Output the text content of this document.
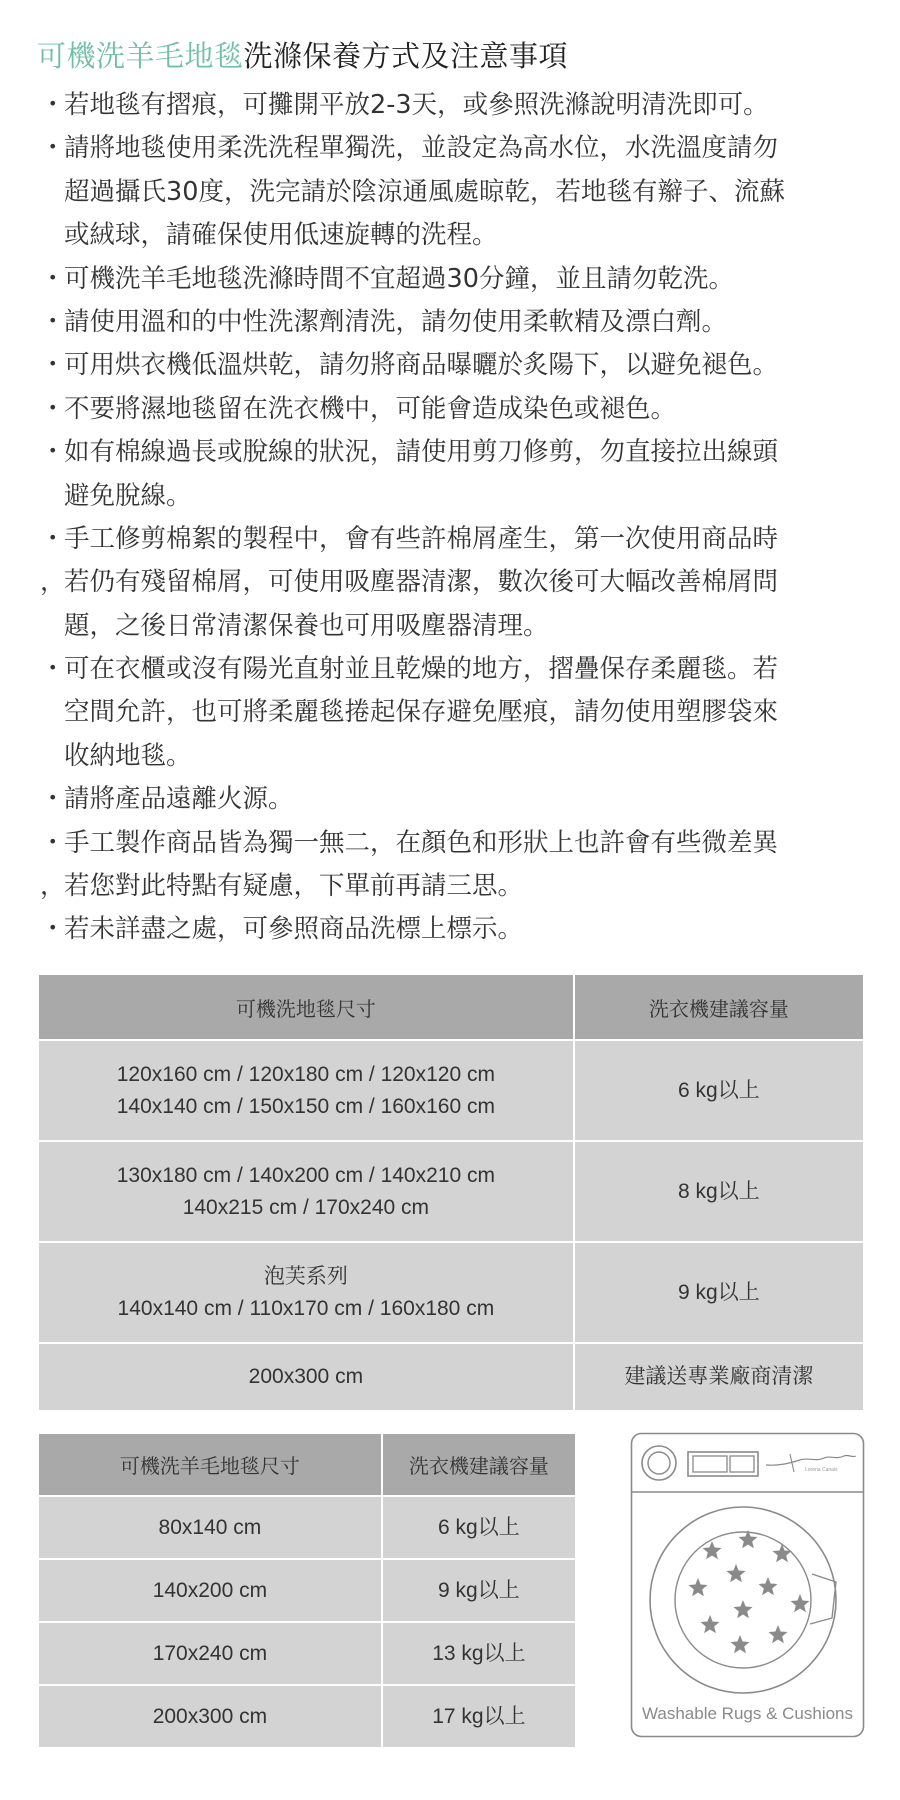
可機洗羊毛地毯洗滌保養方式及注意事項
・若地毯有摺痕，可攤開平放2-3天，或參照洗滌說明清洗即可。
・請將地毯使用柔洗洗程單獨洗，並設定為高水位，水洗溫度請勿
超過攝氏30度，洗完請於陰涼通風處晾乾，若地毯有辮子、流蘇
或絨球，請確保使用低速旋轉的洗程。
・可機洗羊毛地毯洗滌時間不宜超過30分鐘，並且請勿乾洗。
・請使用溫和的中性洗潔劑清洗，請勿使用柔軟精及漂白劑。
・可用烘衣機低溫烘乾，請勿將商品曝曬於炙陽下，以避免褪色。
・不要將濕地毯留在洗衣機中，可能會造成染色或褪色。
・如有棉線過長或脫線的狀況，請使用剪刀修剪，勿直接拉出線頭
避免脫線。
・手工修剪棉絮的製程中，會有些許棉屑產生，第一次使用商品時
，若仍有殘留棉屑，可使用吸塵器清潔，數次後可大幅改善棉屑問
題，之後日常清潔保養也可用吸塵器清理。
・可在衣櫃或沒有陽光直射並且乾燥的地方，摺疊保存柔麗毯。若
空間允許，也可將柔麗毯捲起保存避免壓痕，請勿使用塑膠袋來
收納地毯。
・請將產品遠離火源。
・手工製作商品皆為獨一無二，在顏色和形狀上也許會有些微差異
，若您對此特點有疑慮，下單前再請三思。
・若未詳盡之處，可參照商品洗標上標示。
可機洗地毯尺寸	洗衣機建議容量

120x160 cm / 120x180 cm / 120x120 cm
140x140 cm / 150x150 cm / 160x160 cm	6 kg以上

130x180 cm / 140x200 cm / 140x210 cm
140x215 cm / 170x240 cm	8 kg以上

泡芙系列
140x140 cm / 110x170 cm / 160x180 cm	9 kg以上

200x300 cm	建議送專業廠商清潔
可機洗羊毛地毯尺寸	洗衣機建議容量
80x140 cm	6 kg以上
140x200 cm	9 kg以上
170x240 cm	13 kg以上
200x300 cm	17 kg以上
Lorena Canals
Washable Rugs & Cushions
